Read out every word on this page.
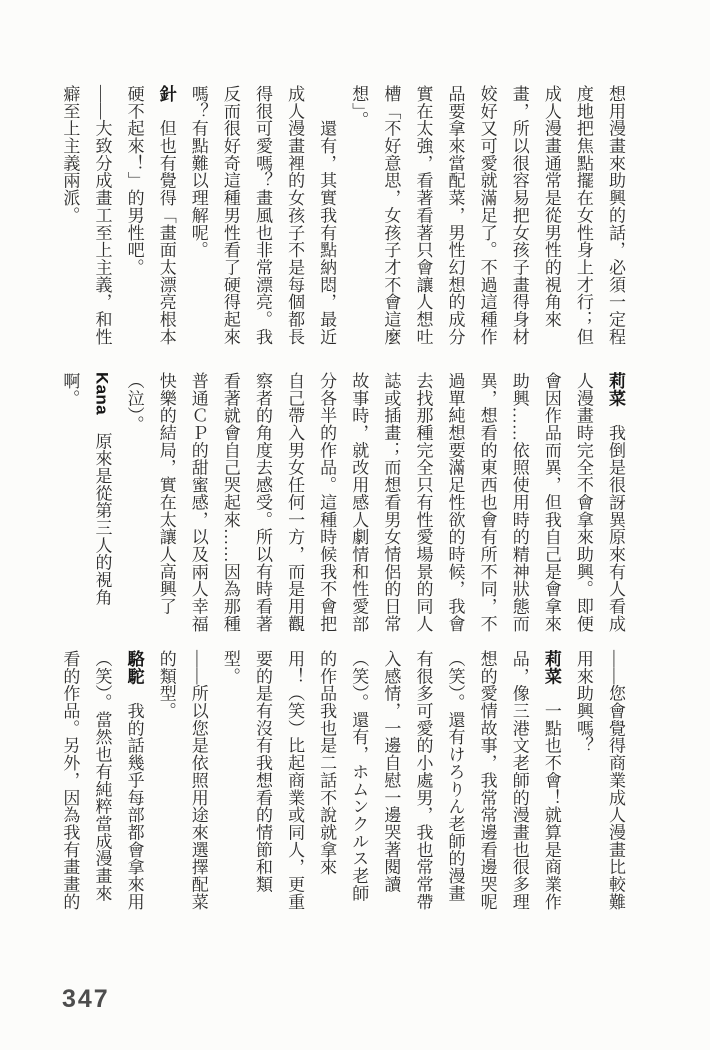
想用漫畫來助興的話，必須一定程
度地把焦點擺在女性身上才行；但
成人漫畫通常是從男性的視角來
畫，所以很容易把女孩子畫得身材
姣好又可愛就滿足了。不過這種作
品要拿來當配菜，男性幻想的成分
實在太強，看著看著只會讓人想吐
槽「不好意思，女孩子才不會這麼
想」。
　　還有，其實我有點納悶，最近
成人漫畫裡的女孩子不是每個都長
得很可愛嗎？畫風也非常漂亮。我
反而很好奇這種男性看了硬得起來
嗎？有點難以理解呢。
針　但也有覺得「畫面太漂亮根本
硬不起來！」的男性吧。
——大致分成畫工至上主義，和性
癖至上主義兩派。
莉菜　我倒是很訝異原來有人看成
人漫畫時完全不會拿來助興。即便
會因作品而異，但我自己是會拿來
助興……依照使用時的精神狀態而
異，想看的東西也會有所不同，不
過單純想要滿足性欲的時候，我會
去找那種完全只有性愛場景的同人
誌或插畫；而想看男女情侶的日常
故事時，就改用感人劇情和性愛部
分各半的作品。這種時候我不會把
自己帶入男女任何一方，而是用觀
察者的角度去感受。所以有時看著
看著就會自己哭起來……因為那種
普通ＣＰ的甜蜜感，以及兩人幸福
快樂的結局，實在太讓人高興了
（泣）。
Kana　原來是從第三人的視角
啊。
——您會覺得商業成人漫畫比較難
用來助興嗎？
莉菜　一點也不會！就算是商業作
品，像三港文老師的漫畫也很多理
想的愛情故事，我常常邊看邊哭呢
（笑）。還有けろりん老師的漫畫
有很多可愛的小處男，我也常常帶
入感情，一邊自慰一邊哭著閱讀
（笑）。還有，ホムンクルス老師
的作品我也是二話不說就拿來
用！（笑）比起商業或同人，更重
要的是有沒有我想看的情節和類
型。
——所以您是依照用途來選擇配菜
的類型。
駱駝　我的話幾乎每部都會拿來用
（笑）。當然也有純粹當成漫畫來
看的作品。另外，因為我有畫畫的
347
